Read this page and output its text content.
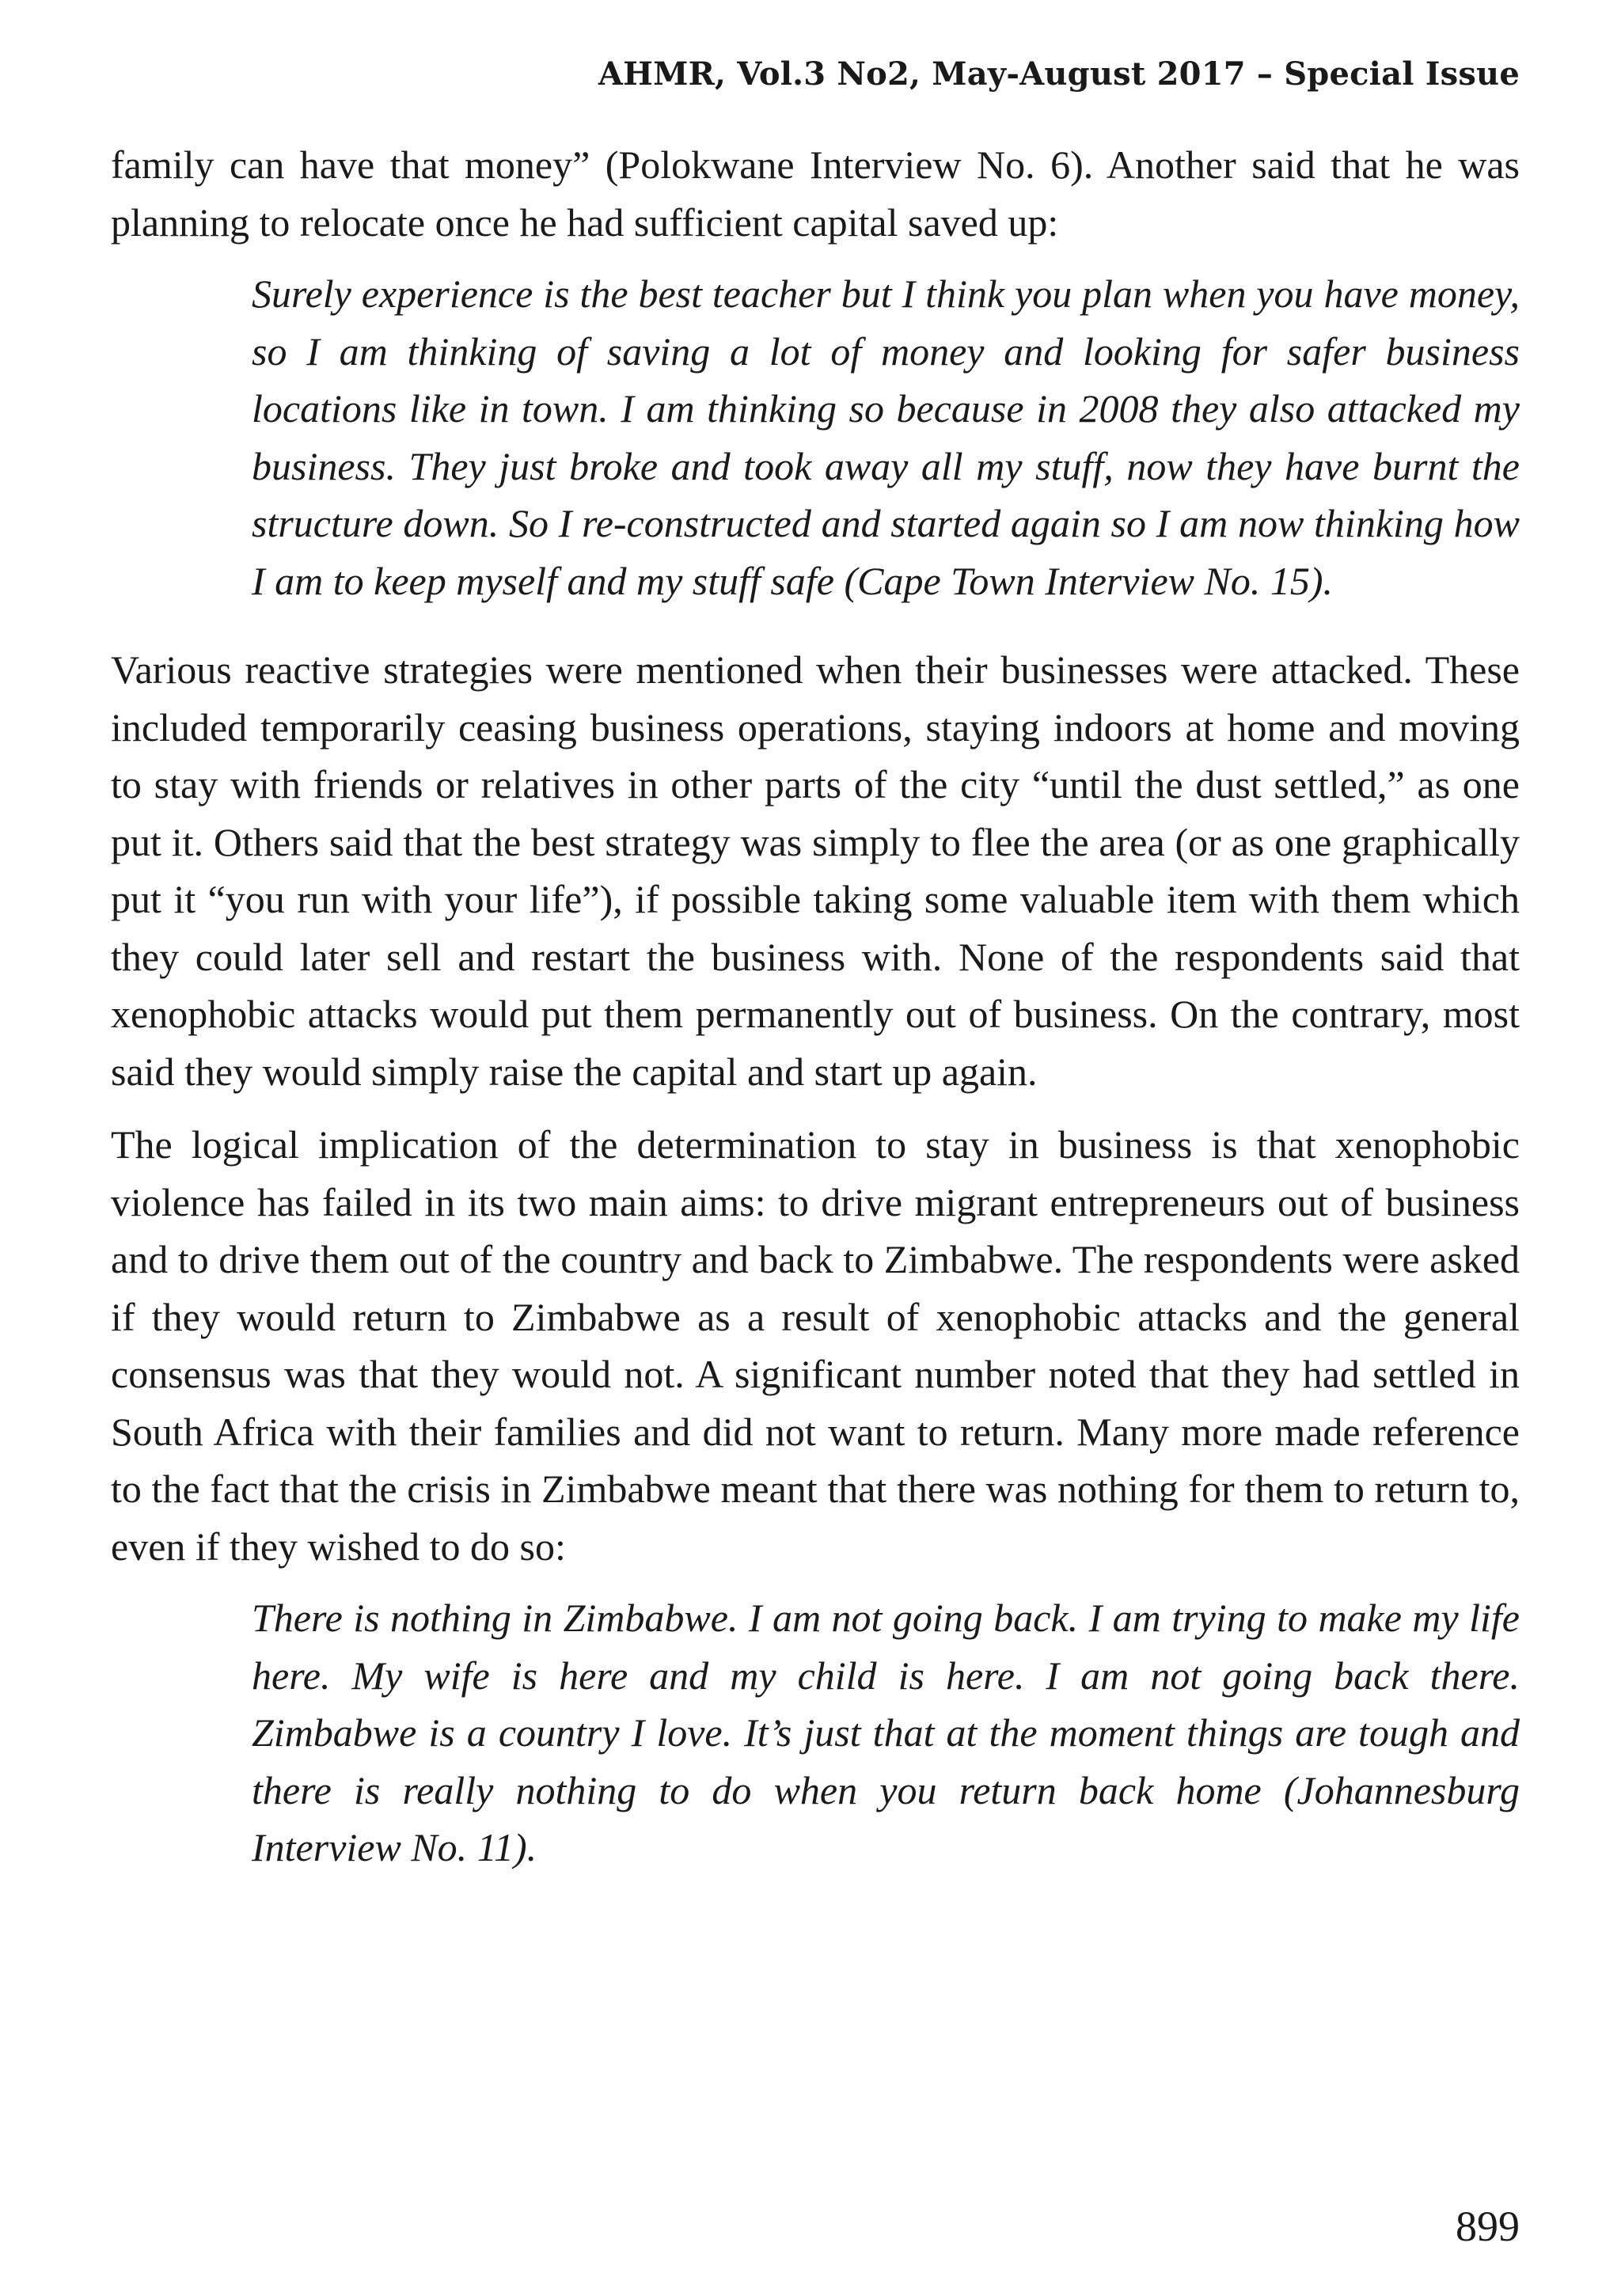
AHMR, Vol.3 No2, May-August 2017 – Special Issue

family can have that money” (Polokwane Interview No. 6). Another said that he was planning to relocate once he had sufficient capital saved up:

Surely experience is the best teacher but I think you plan when you have money, so I am thinking of saving a lot of money and looking for safer business locations like in town. I am thinking so because in 2008 they also attacked my business. They just broke and took away all my stuff, now they have burnt the structure down. So I re-constructed and started again so I am now thinking how I am to keep myself and my stuff safe (Cape Town Interview No. 15).

Various reactive strategies were mentioned when their businesses were attacked. These included temporarily ceasing business operations, staying indoors at home and moving to stay with friends or relatives in other parts of the city “until the dust settled,” as one put it. Others said that the best strategy was simply to flee the area (or as one graphically put it “you run with your life”), if possible taking some valuable item with them which they could later sell and restart the business with. None of the respondents said that xenophobic attacks would put them permanently out of business. On the contrary, most said they would simply raise the capital and start up again.

The logical implication of the determination to stay in business is that xenophobic violence has failed in its two main aims: to drive migrant entrepreneurs out of business and to drive them out of the country and back to Zimbabwe. The respondents were asked if they would return to Zimbabwe as a result of xenophobic attacks and the general consensus was that they would not. A significant number noted that they had settled in South Africa with their families and did not want to return. Many more made reference to the fact that the crisis in Zimbabwe meant that there was nothing for them to return to, even if they wished to do so:

There is nothing in Zimbabwe. I am not going back. I am trying to make my life here. My wife is here and my child is here. I am not going back there. Zimbabwe is a country I love. It’s just that at the moment things are tough and there is really nothing to do when you return back home (Johannesburg Interview No. 11).

899
